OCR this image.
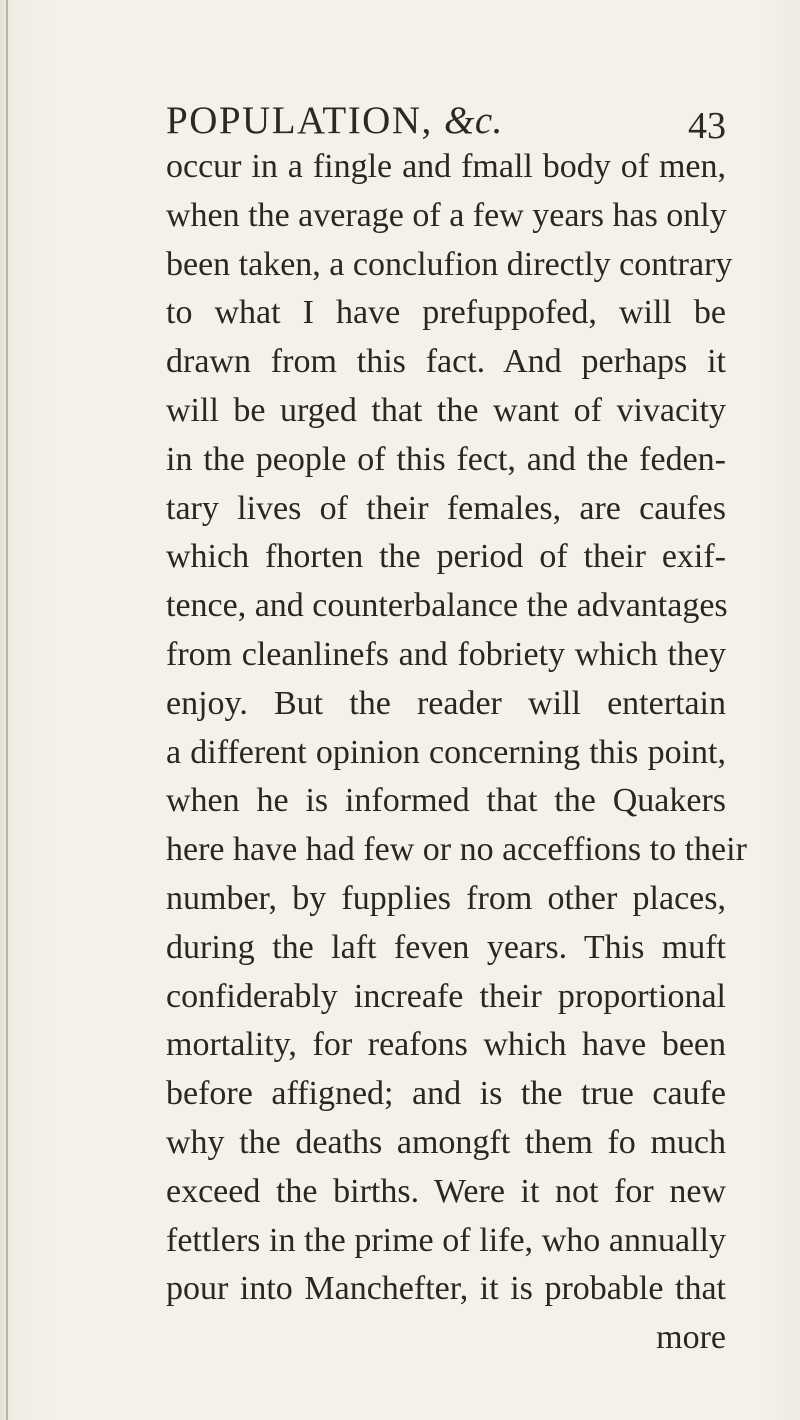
POPULATION, &c.	43
occur in a fingle and fmall body of men,
when the average of a few years has only
been taken, a conclufion directly contrary
to what I have prefuppofed, will be
drawn from this fact. And perhaps it
will be urged that the want of vivacity
in the people of this fect, and the feden-
tary lives of their females, are caufes
which fhorten the period of their exif-
tence, and counterbalance the advantages
from cleanlinefs and fobriety which they
enjoy. But the reader will entertain
a different opinion concerning this point,
when he is informed that the Quakers
here have had few or no acceffions to their
number, by fupplies from other places,
during the laft feven years. This muft
confiderably increafe their proportional
mortality, for reafons which have been
before affigned; and is the true caufe
why the deaths amongft them fo much
exceed the births. Were it not for new
fettlers in the prime of life, who annually
pour into Manchefter, it is probable that
more
